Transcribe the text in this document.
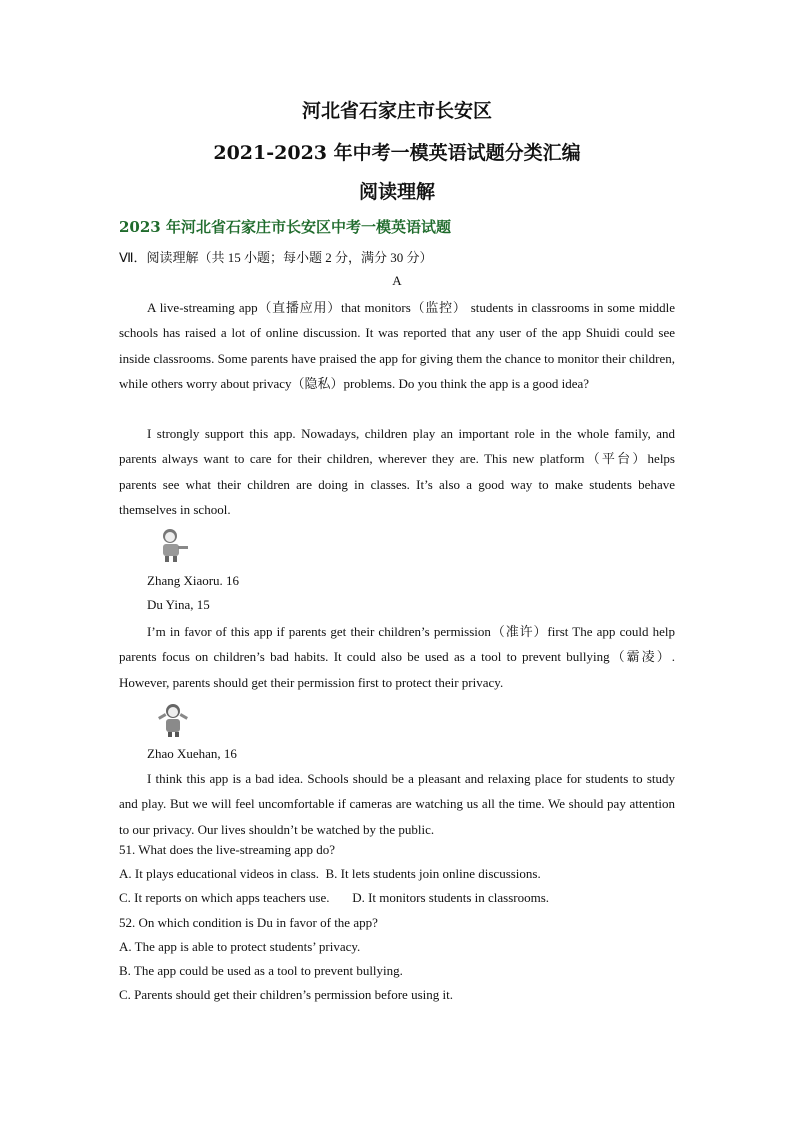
河北省石家庄市长安区
2021-2023 年中考一模英语试题分类汇编
阅读理解
2023 年河北省石家庄市长安区中考一模英语试题
Ⅶ．阅读理解（共 15 小题；每小题 2 分，满分 30 分）
A
A live-streaming app（直播应用）that monitors（监控） students in classrooms in some middle schools has raised a lot of online discussion. It was reported that any user of the app Shuidi could see inside classrooms. Some parents have praised the app for giving them the chance to monitor their children, while others worry about privacy（隐私）problems. Do you think the app is a good idea?
I strongly support this app. Nowadays, children play an important role in the whole family, and parents always want to care for their children, wherever they are. This new platform（平台）helps parents see what their children are doing in classes. It’s also a good way to make students behave themselves in school.
Zhang Xiaoru. 16
Du Yina, 15
I’m in favor of this app if parents get their children’s permission（准许）first The app could help parents focus on children’s bad habits. It could also be used as a tool to prevent bullying（霸凌）. However, parents should get their permission first to protect their privacy.
Zhao Xuehan, 16
I think this app is a bad idea. Schools should be a pleasant and relaxing place for students to study and play. But we will feel uncomfortable if cameras are watching us all the time. We should pay attention to our privacy. Our lives shouldn’t be watched by the public.
51. What does the live-streaming app do?
A. It plays educational videos in class.  B. It lets students join online discussions.
C. It reports on which apps teachers use.       D. It monitors students in classrooms.
52. On which condition is Du in favor of the app?
A. The app is able to protect students’ privacy.
B. The app could be used as a tool to prevent bullying.
C. Parents should get their children’s permission before using it.
